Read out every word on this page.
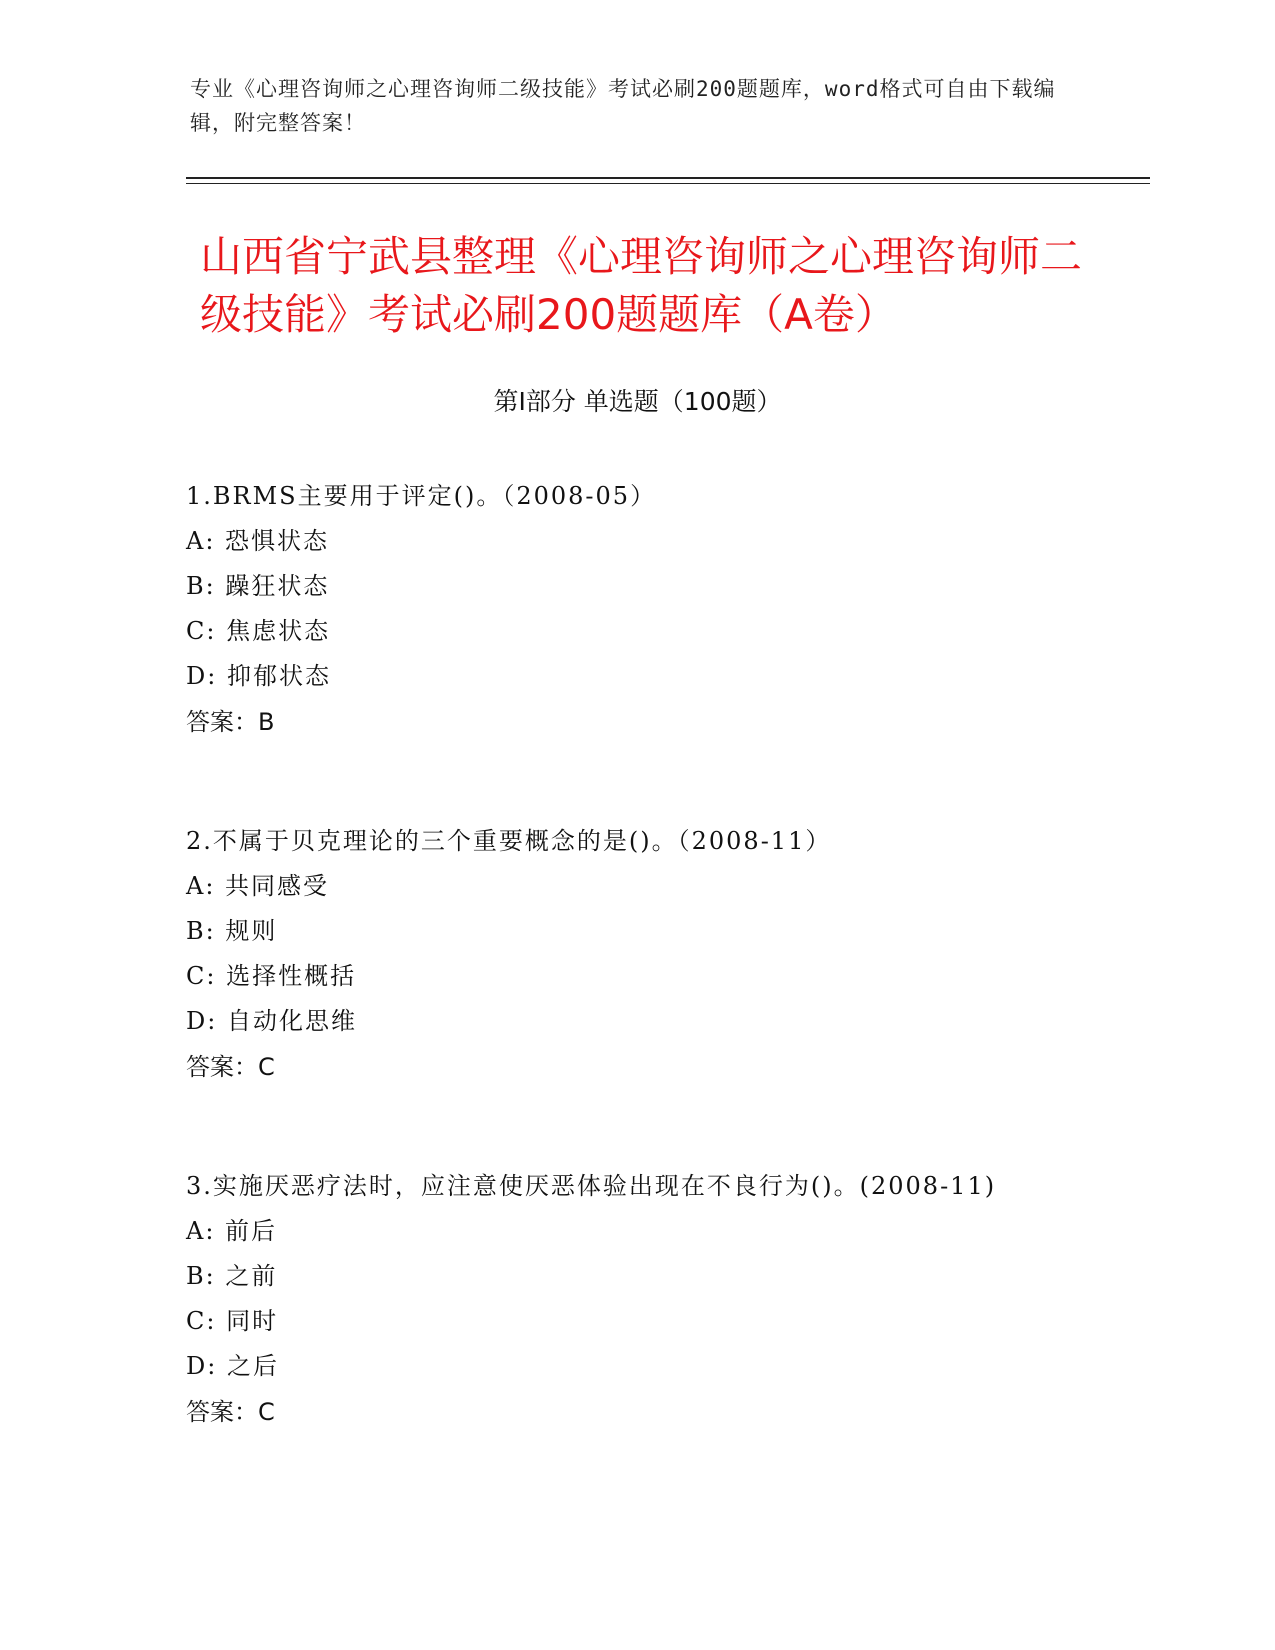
专业《心理咨询师之心理咨询师二级技能》考试必刷200题题库，word格式可自由下载编辑，附完整答案！
山西省宁武县整理《心理咨询师之心理咨询师二级技能》考试必刷200题题库（A卷）
第I部分 单选题（100题）
1.BRMS主要用于评定()。（2008-05）
A: 恐惧状态
B: 躁狂状态
C: 焦虑状态
D: 抑郁状态
答案：B
2.不属于贝克理论的三个重要概念的是()。（2008-11）
A: 共同感受
B: 规则
C: 选择性概括
D: 自动化思维
答案：C
3.实施厌恶疗法时，应注意使厌恶体验出现在不良行为()。(2008-11)
A: 前后
B: 之前
C: 同时
D: 之后
答案：C
